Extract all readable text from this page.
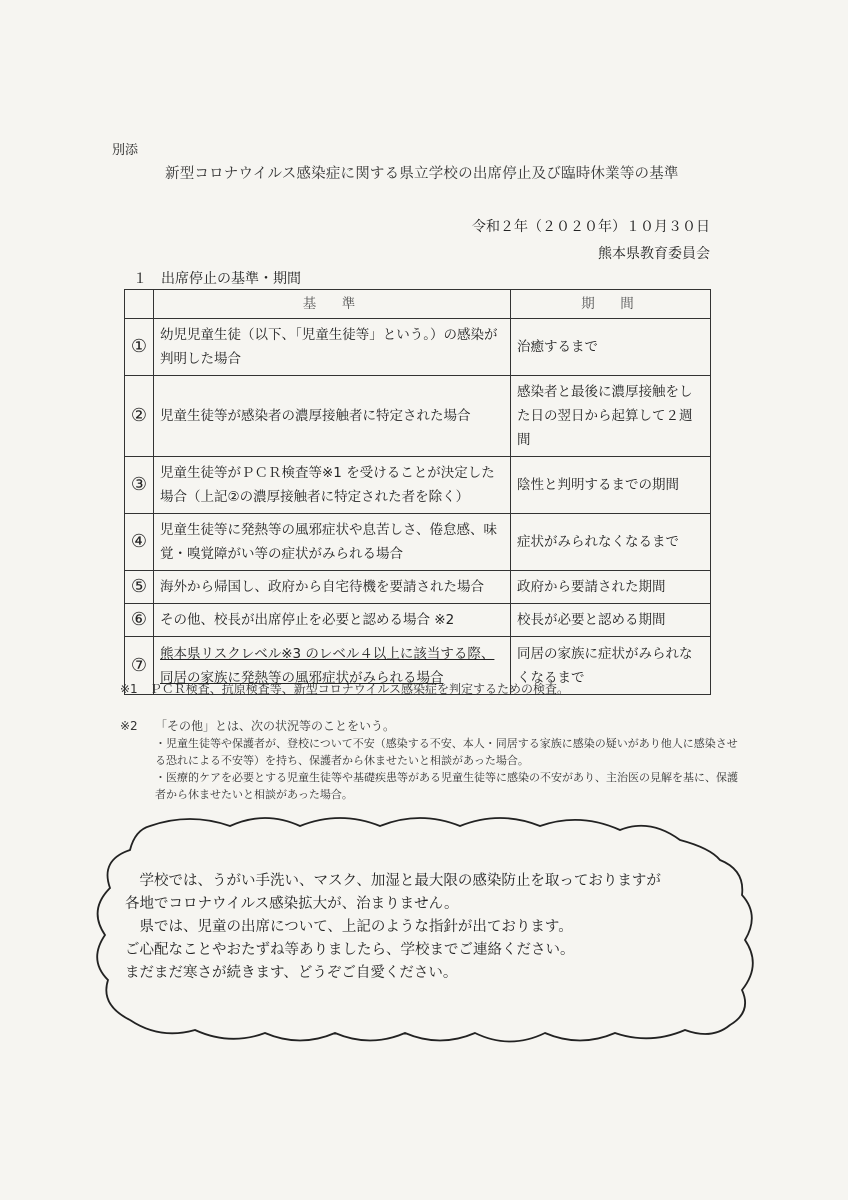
別添
新型コロナウイルス感染症に関する県立学校の出席停止及び臨時休業等の基準
令和２年（２０２０年）１０月３０日
熊本県教育委員会
１　出席停止の基準・期間
	基　準	期　間
①	幼児児童生徒（以下、「児童生徒等」という。）の感染が判明した場合	治癒するまで
②	児童生徒等が感染者の濃厚接触者に特定された場合	感染者と最後に濃厚接触をした日の翌日から起算して２週間
③	児童生徒等がＰＣＲ検査等※1 を受けることが決定した場合（上記②の濃厚接触者に特定された者を除く）	陰性と判明するまでの期間
④	児童生徒等に発熱等の風邪症状や息苦しさ、倦怠感、味覚・嗅覚障がい等の症状がみられる場合	症状がみられなくなるまで
⑤	海外から帰国し、政府から自宅待機を要請された場合	政府から要請された期間
⑥	その他、校長が出席停止を必要と認める場合 ※2	校長が必要と認める期間
⑦	熊本県リスクレベル※3 のレベル４以上に該当する際、同居の家族に発熱等の風邪症状がみられる場合	同居の家族に症状がみられなくなるまで
※1　ＰＣＲ検査、抗原検査等、新型コロナウイルス感染症を判定するための検査。
※2 「その他」とは、次の状況等のことをいう。
・児童生徒等や保護者が、登校について不安（感染する不安、本人・同居する家族に感染の疑いがあり他人に感染させる恐れによる不安等）を持ち、保護者から休ませたいと相談があった場合。
・医療的ケアを必要とする児童生徒等や基礎疾患等がある児童生徒等に感染の不安があり、主治医の見解を基に、保護者から休ませたいと相談があった場合。
　学校では、うがい手洗い、マスク、加湿と最大限の感染防止を取っておりますが
各地でコロナウイルス感染拡大が、治まりません。
　県では、児童の出席について、上記のような指針が出ております。
ご心配なことやおたずね等ありましたら、学校までご連絡ください。
まだまだ寒さが続きます、どうぞご自愛ください。
